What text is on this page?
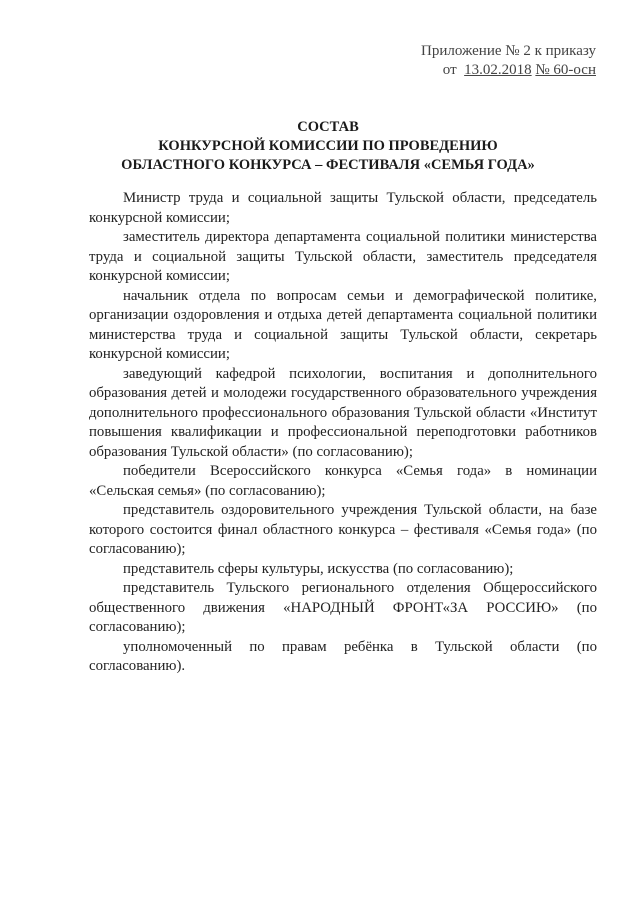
Приложение № 2 к приказу
от 13.02.2018 № 60-осн
СОСТАВ
КОНКУРСНОЙ КОМИССИИ ПО ПРОВЕДЕНИЮ
ОБЛАСТНОГО КОНКУРСА – ФЕСТИВАЛЯ «СЕМЬЯ ГОДА»

Министр труда и социальной защиты Тульской области, председатель конкурсной комиссии;

заместитель директора департамента социальной политики министерства труда и социальной защиты Тульской области, заместитель председателя конкурсной комиссии;

начальник отдела по вопросам семьи и демографической политике, организации оздоровления и отдыха детей департамента социальной политики министерства труда и социальной защиты Тульской области, секретарь конкурсной комиссии;

заведующий кафедрой психологии, воспитания и дополнительного образования детей и молодежи государственного образовательного учреждения дополнительного профессионального образования Тульской области «Институт повышения квалификации и профессиональной переподготовки работников образования Тульской области» (по согласованию);

победители Всероссийского конкурса «Семья года» в номинации «Сельская семья» (по согласованию);

представитель оздоровительного учреждения Тульской области, на базе которого состоится финал областного конкурса – фестиваля «Семья года» (по согласованию);

представитель сферы культуры, искусства (по согласованию);

представитель Тульского регионального отделения Общероссийского общественного движения «НАРОДНЫЙ ФРОНТ«ЗА РОССИЮ» (по согласованию);

уполномоченный по правам ребёнка в Тульской области (по согласованию).
